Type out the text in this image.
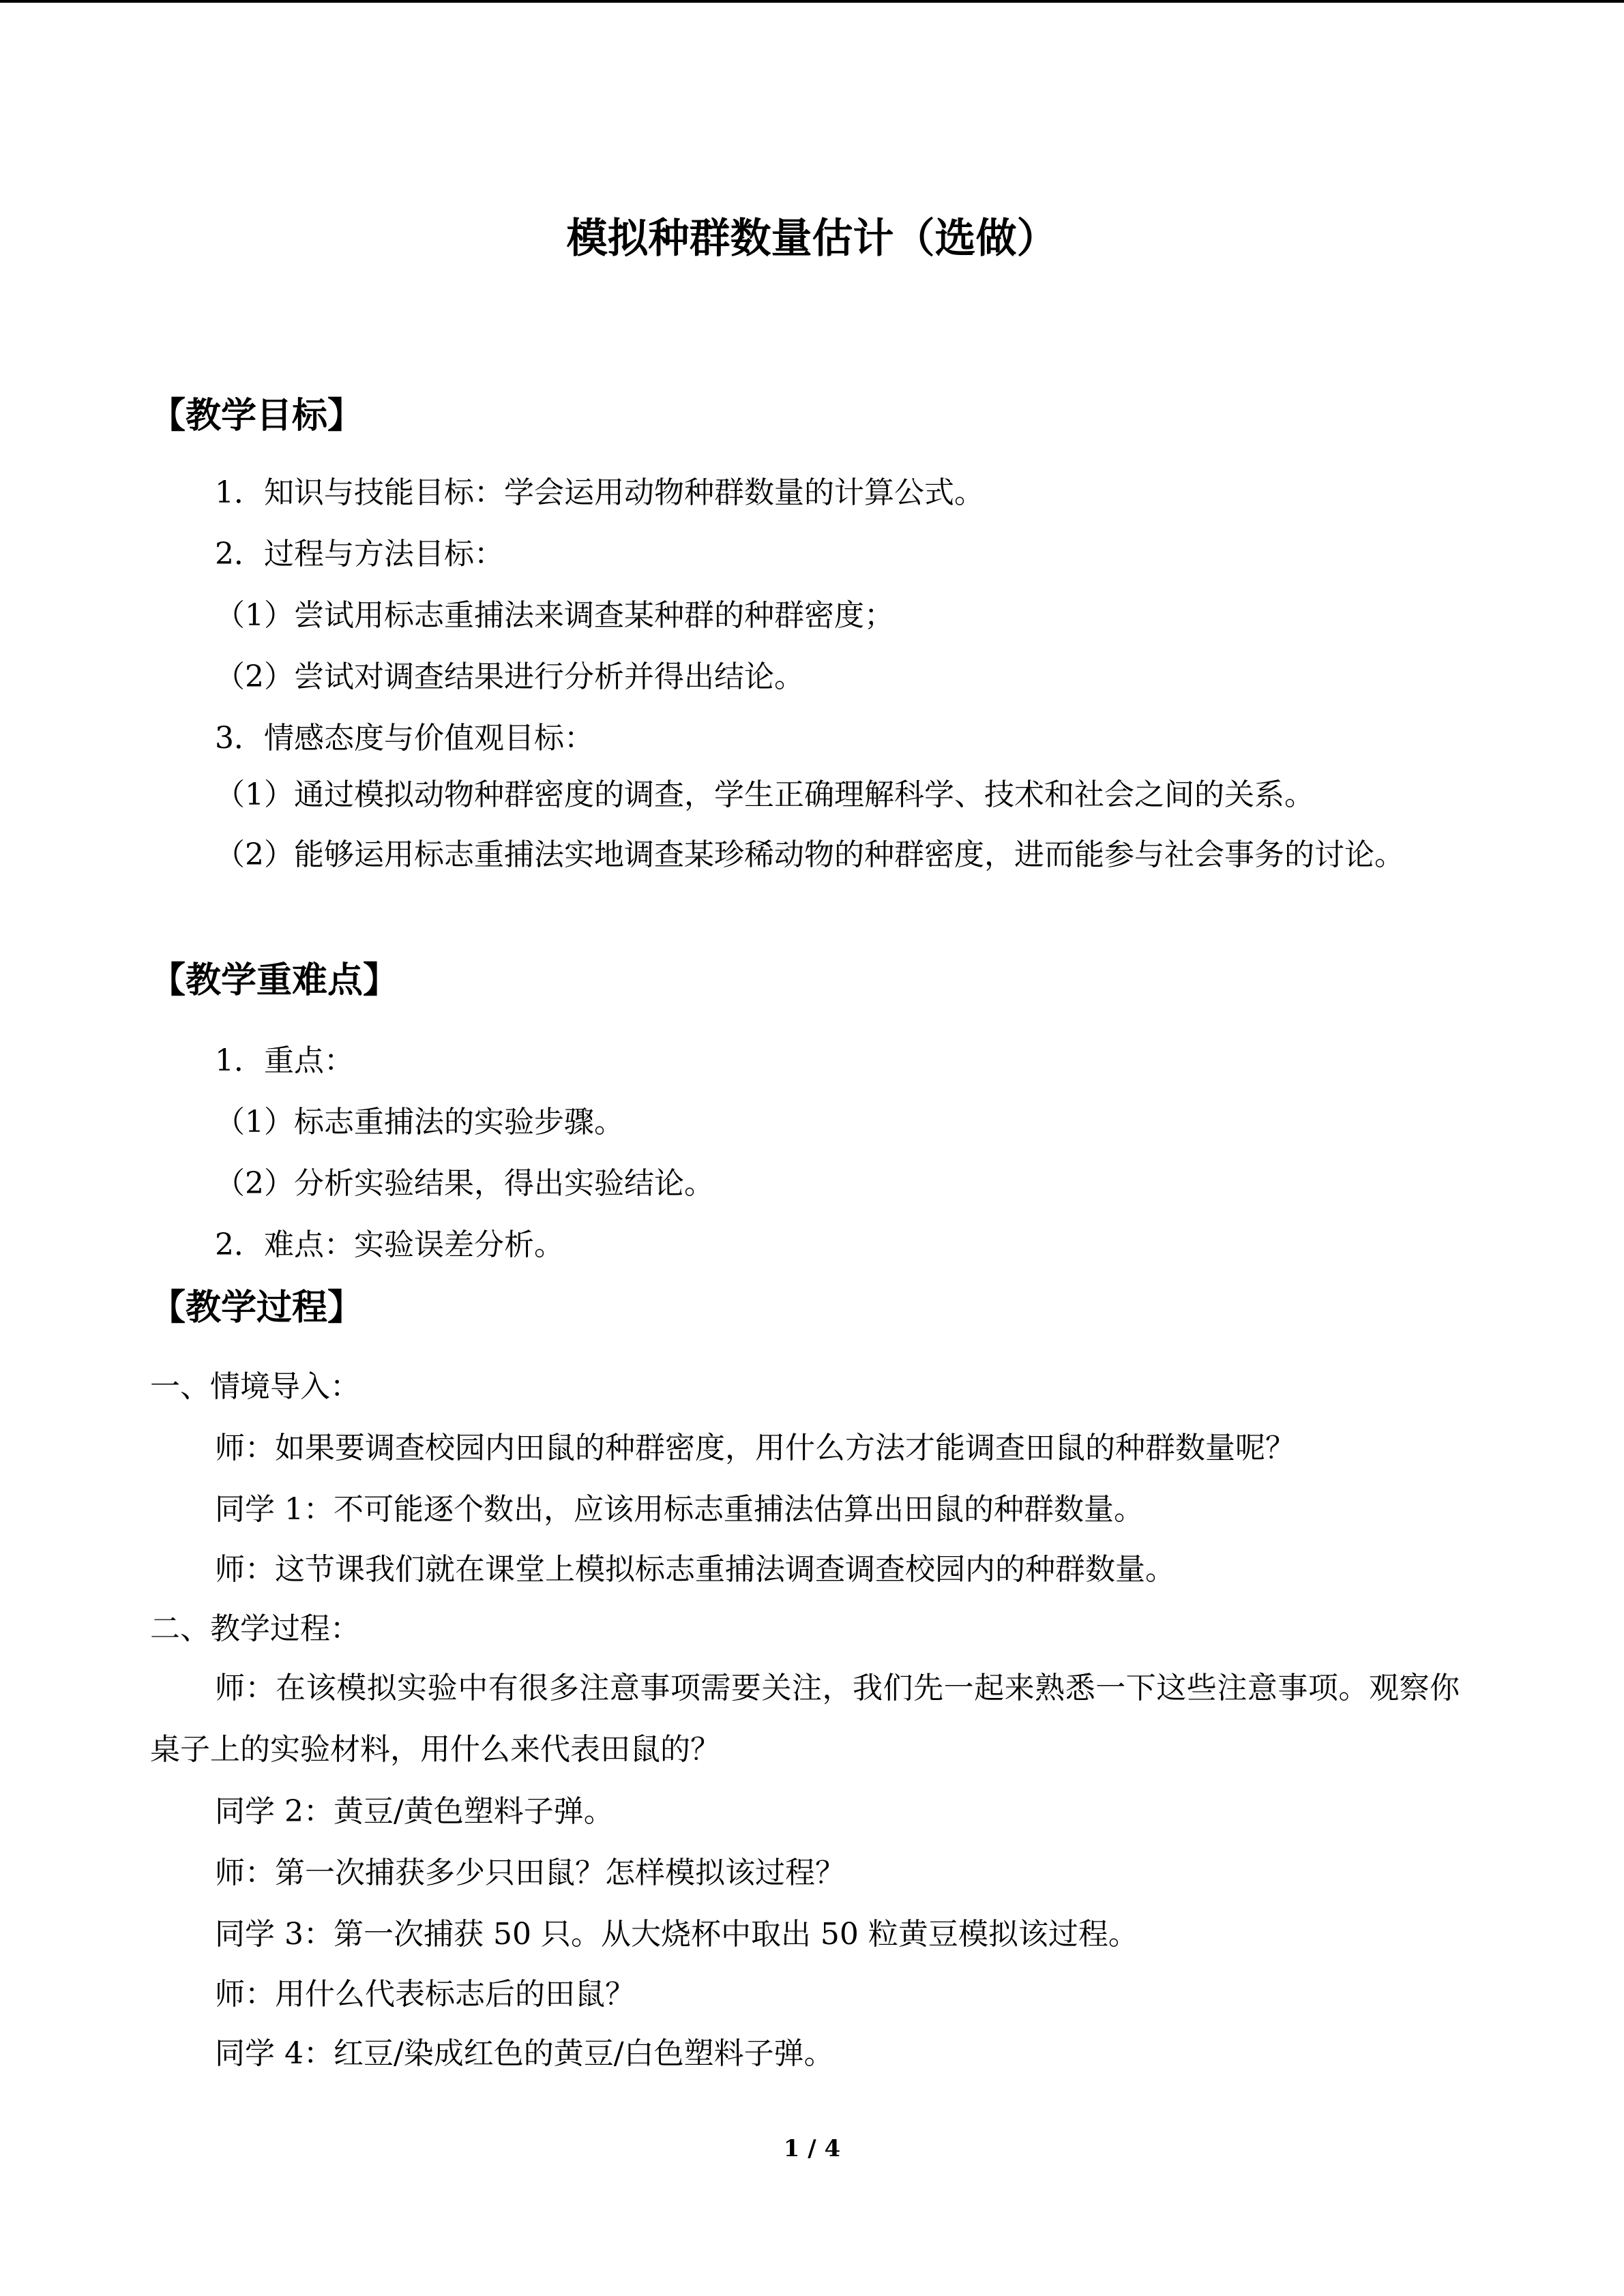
模拟种群数量估计（选做）
【教学目标】
1．知识与技能目标：学会运用动物种群数量的计算公式。
2．过程与方法目标：
（1）尝试用标志重捕法来调查某种群的种群密度；
（2）尝试对调查结果进行分析并得出结论。
3．情感态度与价值观目标：
（1）通过模拟动物种群密度的调查，学生正确理解科学、技术和社会之间的关系。
（2）能够运用标志重捕法实地调查某珍稀动物的种群密度，进而能参与社会事务的讨论。
【教学重难点】
1．重点：
（1）标志重捕法的实验步骤。
（2）分析实验结果，得出实验结论。
2．难点：实验误差分析。
【教学过程】
一、情境导入：
师：如果要调查校园内田鼠的种群密度，用什么方法才能调查田鼠的种群数量呢？
同学 1：不可能逐个数出，应该用标志重捕法估算出田鼠的种群数量。
师：这节课我们就在课堂上模拟标志重捕法调查调查校园内的种群数量。
二、教学过程：
师：在该模拟实验中有很多注意事项需要关注，我们先一起来熟悉一下这些注意事项。观察你桌子上的实验材料，用什么来代表田鼠的？
同学 2：黄豆/黄色塑料子弹。
师：第一次捕获多少只田鼠？怎样模拟该过程？
同学 3：第一次捕获 50 只。从大烧杯中取出 50 粒黄豆模拟该过程。
师：用什么代表标志后的田鼠？
同学 4：红豆/染成红色的黄豆/白色塑料子弹。
1 / 4
